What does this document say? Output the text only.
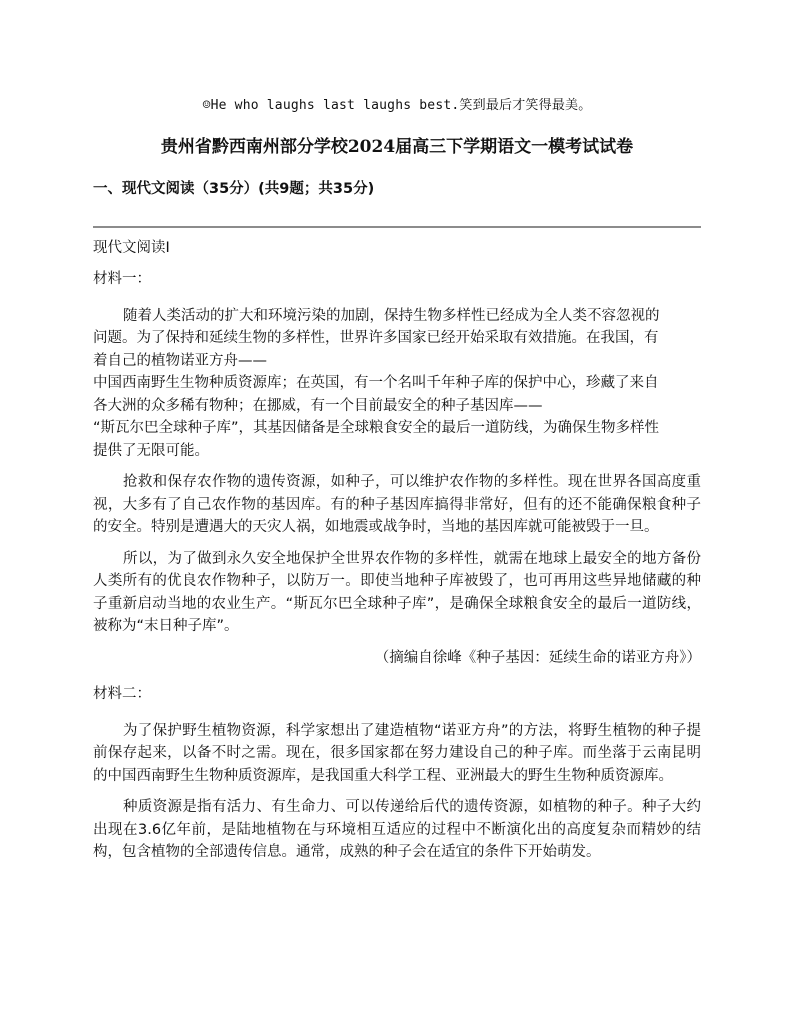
☺He who laughs last laughs best.笑到最后才笑得最美。
贵州省黔西南州部分学校2024届高三下学期语文一模考试试卷
一、现代文阅读（35分）(共9题；共35分)
现代文阅读I

材料一：

随着人类活动的扩大和环境污染的加剧，保持生物多样性已经成为全人类不容忽视的
问题。为了保持和延续生物的多样性，世界许多国家已经开始采取有效措施。在我国，有
着自己的植物诺亚方舟——
中国西南野生生物种质资源库；在英国，有一个名叫千年种子库的保护中心，珍藏了来自
各大洲的众多稀有物种；在挪威，有一个目前最安全的种子基因库——
“斯瓦尔巴全球种子库”，其基因储备是全球粮食安全的最后一道防线，为确保生物多样性
提供了无限可能。

抢救和保存农作物的遗传资源，如种子，可以维护农作物的多样性。现在世界各国高度重视，大多有了自己农作物的基因库。有的种子基因库搞得非常好，但有的还不能确保粮食种子的安全。特别是遭遇大的天灾人祸，如地震或战争时，当地的基因库就可能被毁于一旦。

所以，为了做到永久安全地保护全世界农作物的多样性，就需在地球上最安全的地方备份人类所有的优良农作物种子，以防万一。即使当地种子库被毁了，也可再用这些异地储藏的种子重新启动当地的农业生产。“斯瓦尔巴全球种子库”，是确保全球粮食安全的最后一道防线，被称为“末日种子库”。

（摘编自徐峰《种子基因：延续生命的诺亚方舟》）

材料二：

为了保护野生植物资源，科学家想出了建造植物“诺亚方舟”的方法，将野生植物的种子提前保存起来，以备不时之需。现在，很多国家都在努力建设自己的种子库。而坐落于云南昆明的中国西南野生生物种质资源库，是我国重大科学工程、亚洲最大的野生生物种质资源库。

种质资源是指有活力、有生命力、可以传递给后代的遗传资源，如植物的种子。种子大约出现在3.6亿年前，是陆地植物在与环境相互适应的过程中不断演化出的高度复杂而精妙的结构，包含植物的全部遗传信息。通常，成熟的种子会在适宜的条件下开始萌发。
